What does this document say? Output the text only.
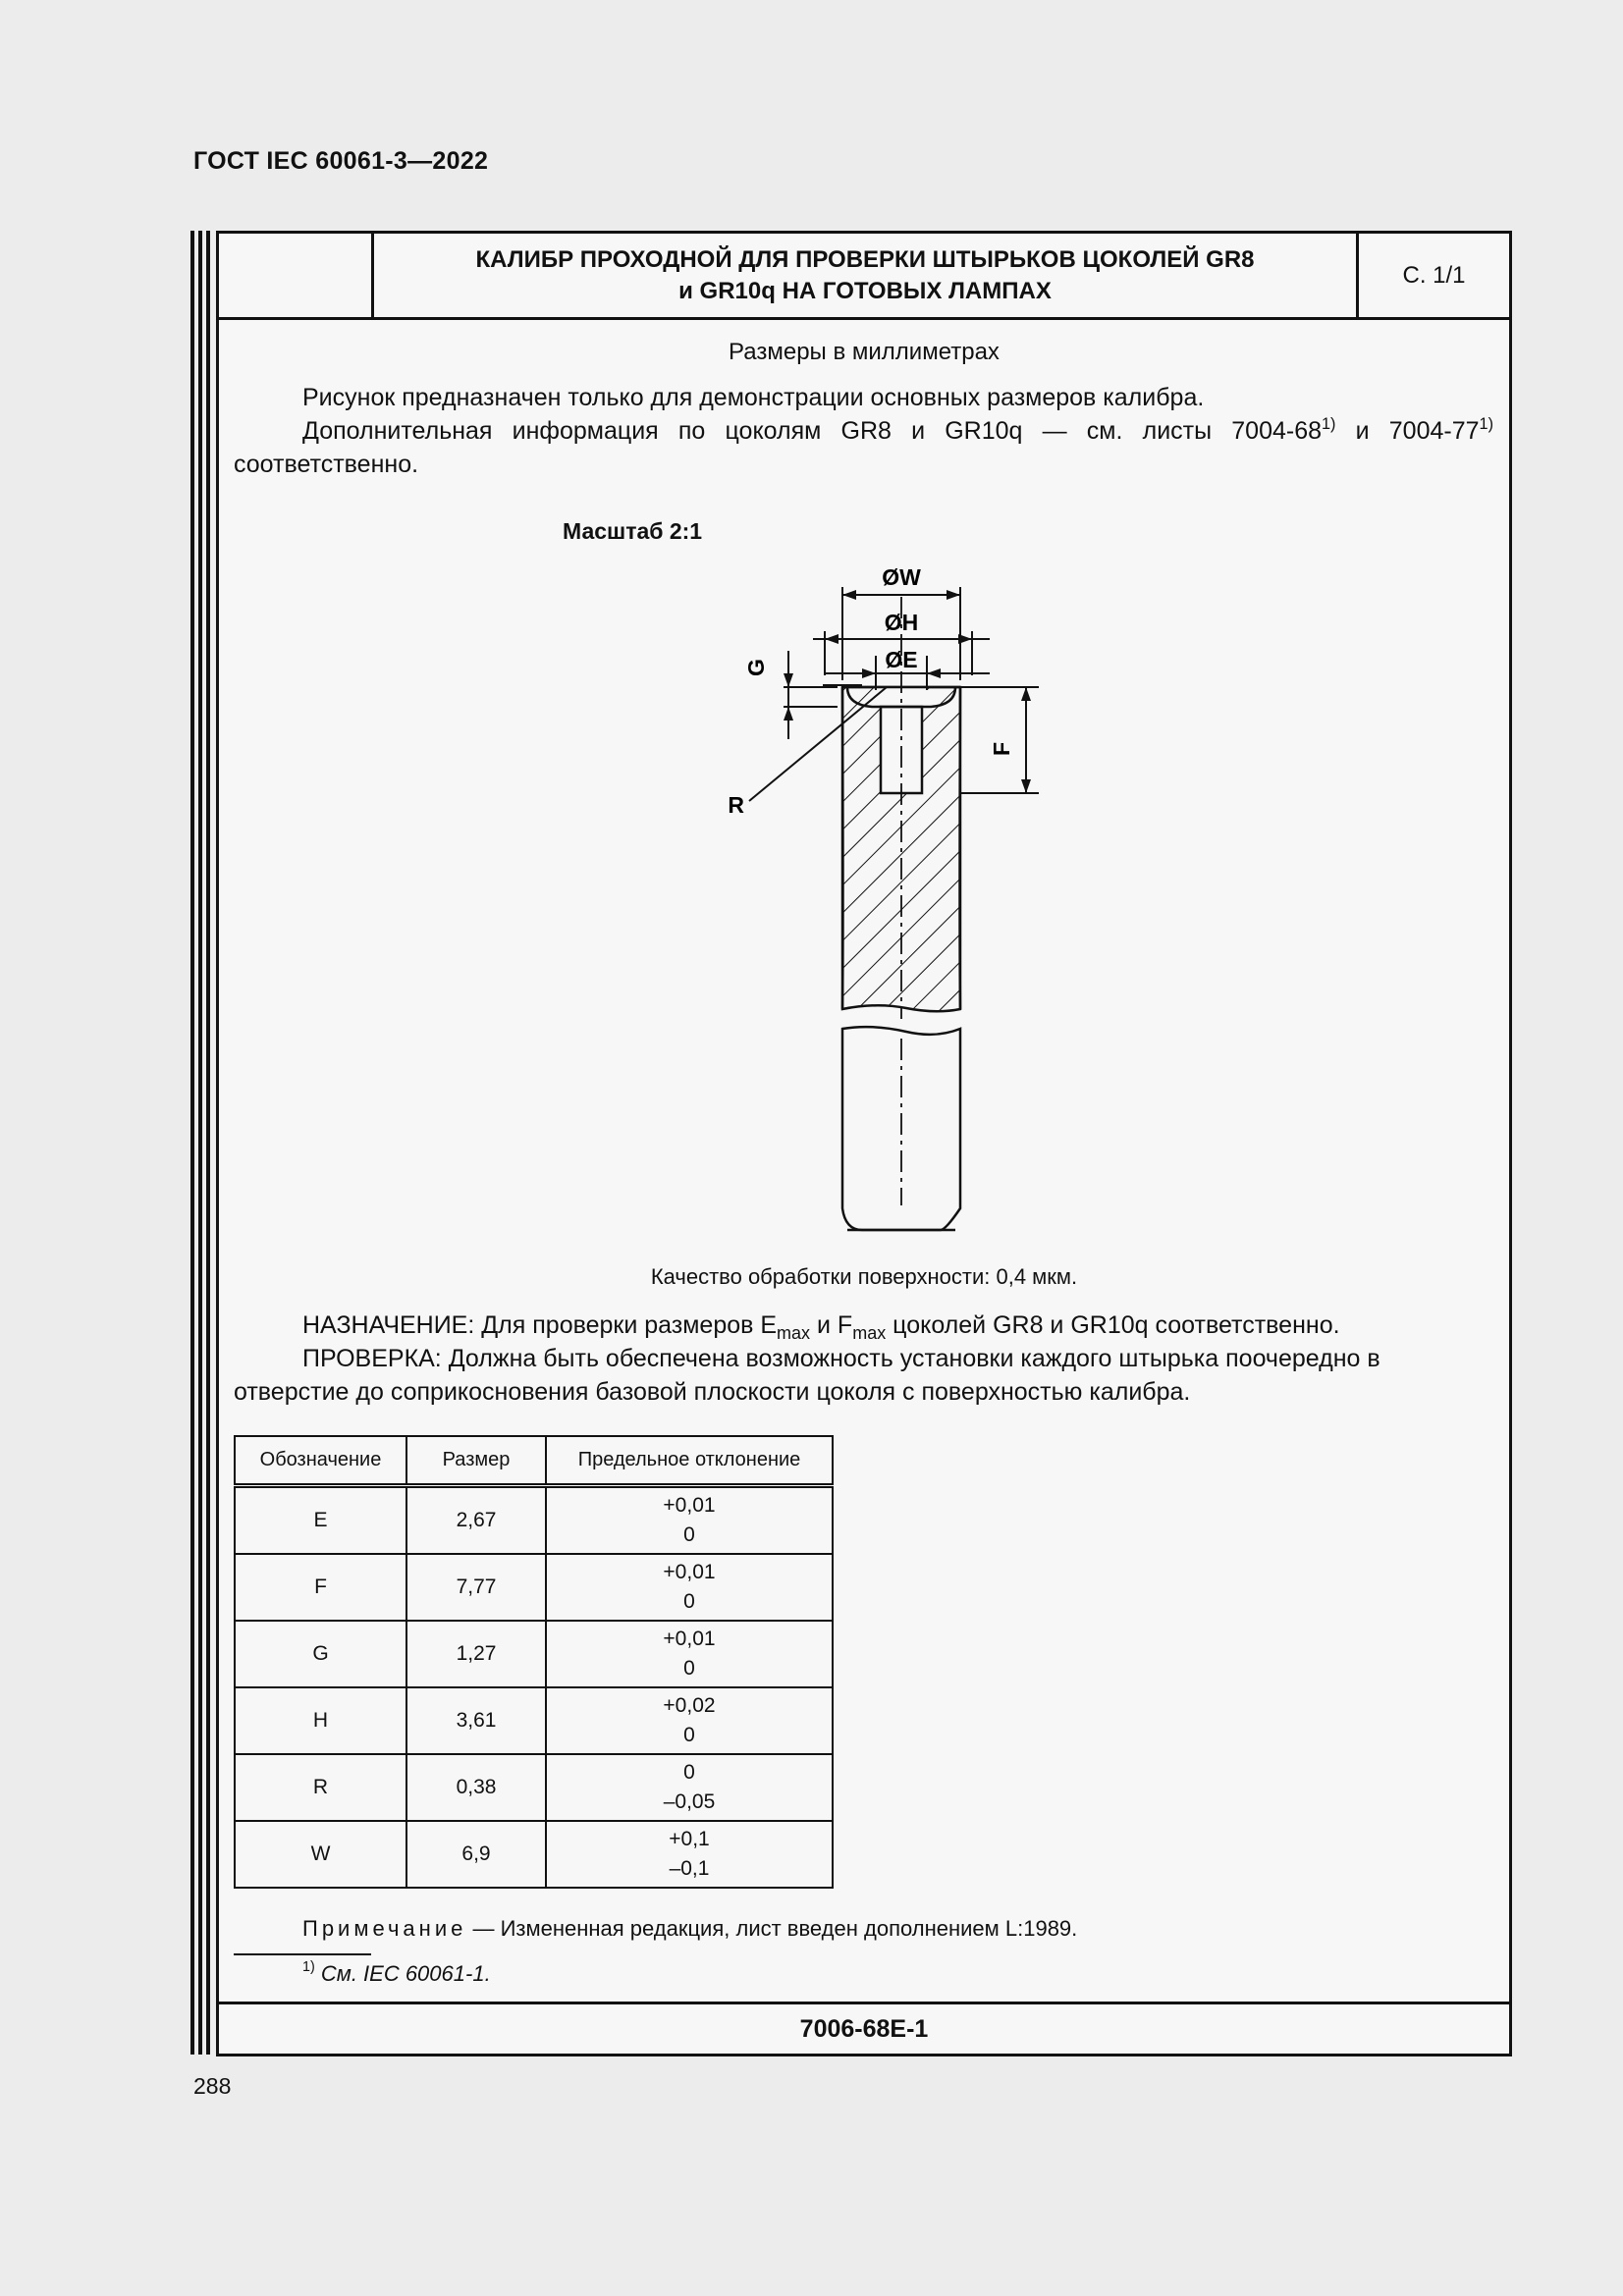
ГОСТ IEC 60061-3—2022
КАЛИБР ПРОХОДНОЙ ДЛЯ ПРОВЕРКИ ШТЫРЬКОВ ЦОКОЛЕЙ GR8
и GR10q НА ГОТОВЫХ ЛАМПАХ
С. 1/1
Размеры в миллиметрах
Рисунок предназначен только для демонстрации основных размеров калибра.
Дополнительная информация по цоколям GR8 и GR10q — см. листы 7004-68$^{1)}$ и 7004-77$^{1)}$
соответственно.
Масштаб 2:1
ØW
ØH
ØE
G
F
R
Качество обработки поверхности: 0,4 мкм.
НАЗНАЧЕНИЕ: Для проверки размеров $E_{max}$ и $F_{max}$ цоколей GR8 и GR10q соответственно.
ПРОВЕРКА: Должна быть обеспечена возможность установки каждого штырька поочередно в
отверстие до соприкосновения базовой плоскости цоколя с поверхностью калибра.
Обозначение	Размер	Предельное отклонение
E	2,67	+0,01
0

F	7,77	+0,01
0

G	1,27	+0,01
0

H	3,61	+0,02
0

R	0,38	0
–0,05

W	6,9	+0,1
–0,1
Примечание — Измененная редакция, лист введен дополнением L:1989.
$^{1)}$ См. IEC 60061-1.
7006-68E-1
288
